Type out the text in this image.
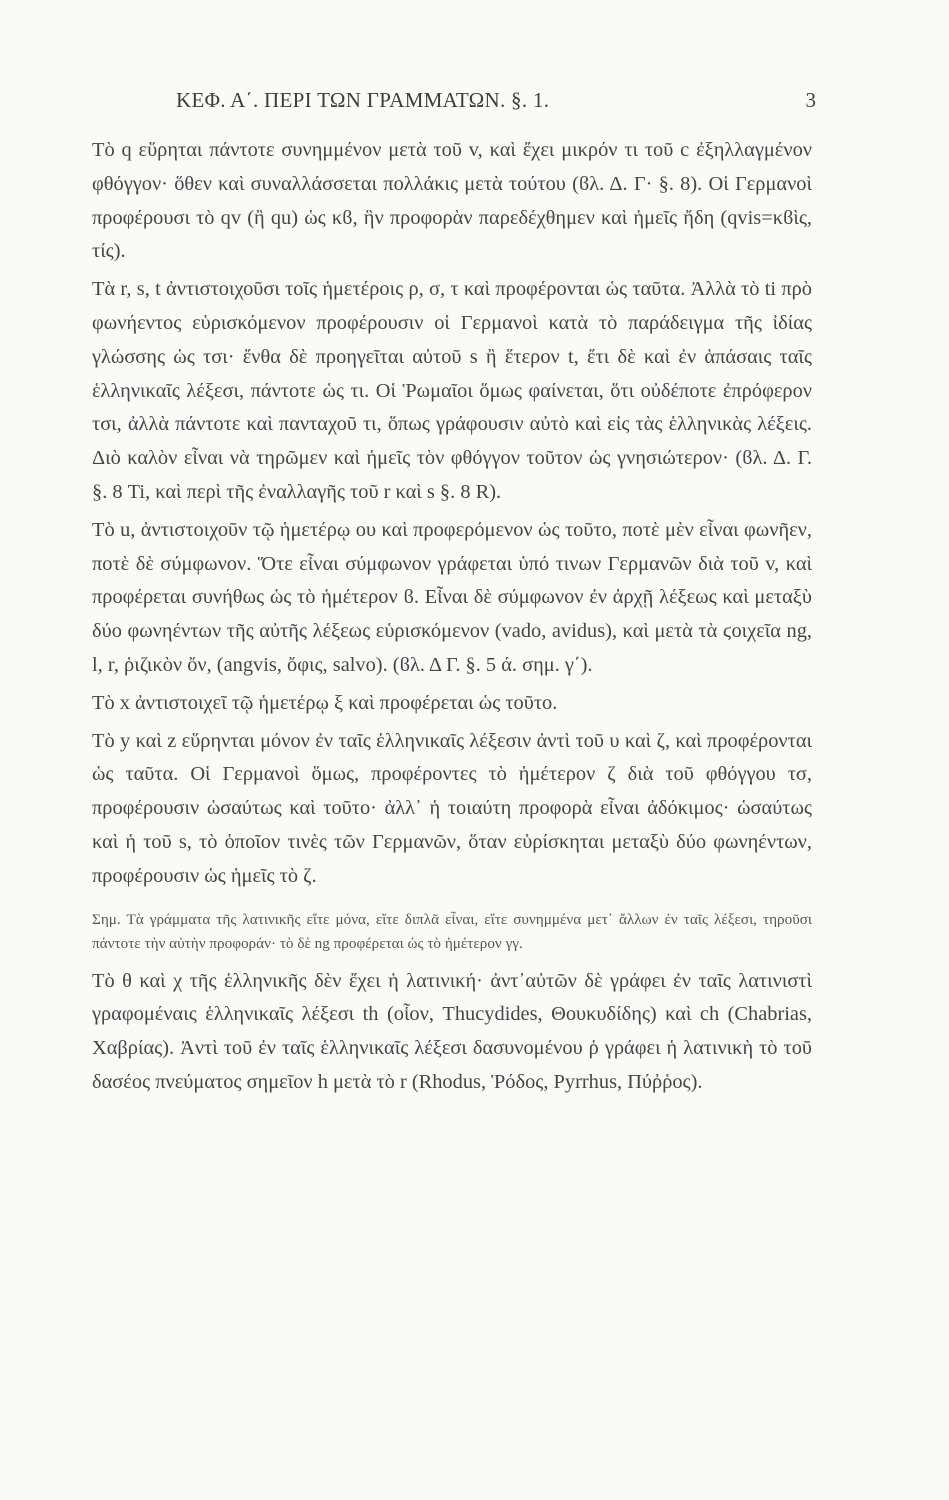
ΚΕΦ. Α΄. ΠΕΡΙ ΤΩΝ ΓΡΑΜΜΑΤΩΝ. §. 1.	3

Τὸ q εὕρηται πάντοτε συνημμένον μετὰ τοῦ v, καὶ ἔχει μικρόν τι τοῦ c ἐξηλλαγμένον φθόγγον· ὅθεν καὶ συναλλάσσεται πολλάκις μετὰ τούτου (ϐλ. Δ. Γ· §. 8). Οἱ Γερμανοὶ προφέρουσι τὸ qv (ἢ qu) ὡς κϐ, ἣν προφορὰν παρεδέχθημεν καὶ ἡμεῖς ἤδη (qvis=κϐὶς, τίς).

Τὰ r, s, t ἀντιστοιχοῦσι τοῖς ἡμετέροις ρ, σ, τ καὶ προφέρονται ὡς ταῦτα. Ἀλλὰ τὸ ti πρὸ φωνήεντος εὑρισκόμενον προφέρουσιν οἱ Γερμανοὶ κατὰ τὸ παράδειγμα τῆς ἰδίας γλώσσης ὡς τσι· ἔνθα δὲ προηγεῖται αὐτοῦ s ἢ ἕτερον t, ἔτι δὲ καὶ ἐν ἁπάσαις ταῖς ἑλληνικαῖς λέξεσι, πάντοτε ὡς τι. Οἱ Ῥωμαῖοι ὅμως φαίνεται, ὅτι οὐδέποτε ἐπρόφερον τσι, ἀλλὰ πάντοτε καὶ πανταχοῦ τι, ὅπως γράφουσιν αὐτὸ καὶ εἰς τὰς ἑλληνικὰς λέξεις. Διὸ καλὸν εἶναι νὰ τηρῶμεν καὶ ἡμεῖς τὸν φθόγγον τοῦτον ὡς γνησιώτερον· (ϐλ. Δ. Γ. §. 8 Ti, καὶ περὶ τῆς ἐναλλαγῆς τοῦ r καὶ s §. 8 R).

Τὸ u, ἀντιστοιχοῦν τῷ ἡμετέρῳ ου καὶ προφερόμενον ὡς τοῦτο, ποτὲ μὲν εἶναι φωνῆεν, ποτὲ δὲ σύμφωνον. Ὅτε εἶναι σύμφωνον γράφεται ὑπό τινων Γερμανῶν διὰ τοῦ v, καὶ προφέρεται συνήθως ὡς τὸ ἡμέτερον ϐ. Εἶναι δὲ σύμφωνον ἐν ἀρχῇ λέξεως καὶ μεταξὺ δύο φωνηέντων τῆς αὐτῆς λέξεως εὑρισκόμενον (vado, avidus), καὶ μετὰ τὰ ϛοιχεῖα ng, l, r, ῥιζικὸν ὄν, (angvis, ὄφις, salvo). (ϐλ. Δ Γ. §. 5 ά. σημ. γ΄).

Τὸ x ἀντιστοιχεῖ τῷ ἡμετέρῳ ξ καὶ προφέρεται ὡς τοῦτο.

Τὸ y καὶ z εὕρηνται μόνον ἐν ταῖς ἑλληνικαῖς λέξεσιν ἀντὶ τοῦ υ καὶ ζ, καὶ προφέρονται ὡς ταῦτα. Οἱ Γερμανοὶ ὅμως, προφέροντες τὸ ἡμέτερον ζ διὰ τοῦ φθόγγου τσ, προφέρουσιν ὡσαύτως καὶ τοῦτο· ἀλλ᾽ ἡ τοιαύτη προφορὰ εἶναι ἀδόκιμος· ὡσαύτως καὶ ἡ τοῦ s, τὸ ὁποῖον τινὲς τῶν Γερμανῶν, ὅταν εὑρίσκηται μεταξὺ δύο φωνηέντων, προφέρουσιν ὡς ἡμεῖς τὸ ζ.

Σημ. Τὰ γράμματα τῆς λατινικῆς εἴτε μόνα, εἴτε διπλᾶ εἶναι, εἴτε συνημμένα μετ᾽ ἄλλων ἐν ταῖς λέξεσι, τηροῦσι πάντοτε τὴν αὐτὴν προφοράν· τὸ δὲ ng προφέρεται ὡς τὸ ἡμέτερον γγ.

Τὸ θ καὶ χ τῆς ἑλληνικῆς δὲν ἔχει ἡ λατινική· ἀντ᾽αὐτῶν δὲ γράφει ἐν ταῖς λατινιστὶ γραφομέναις ἑλληνικαῖς λέξεσι th (οἷον, Thucydides, Θουκυδίδης) καὶ ch (Chabrias, Χαβρίας). Ἀντὶ τοῦ ἐν ταῖς ἑλληνικαῖς λέξεσι δασυνομένου ῥ γράφει ἡ λατινικὴ τὸ τοῦ δασέος πνεύματος σημεῖον h μετὰ τὸ r (Rhodus, Ῥόδος, Pyrrhus, Πύῤῥος).
